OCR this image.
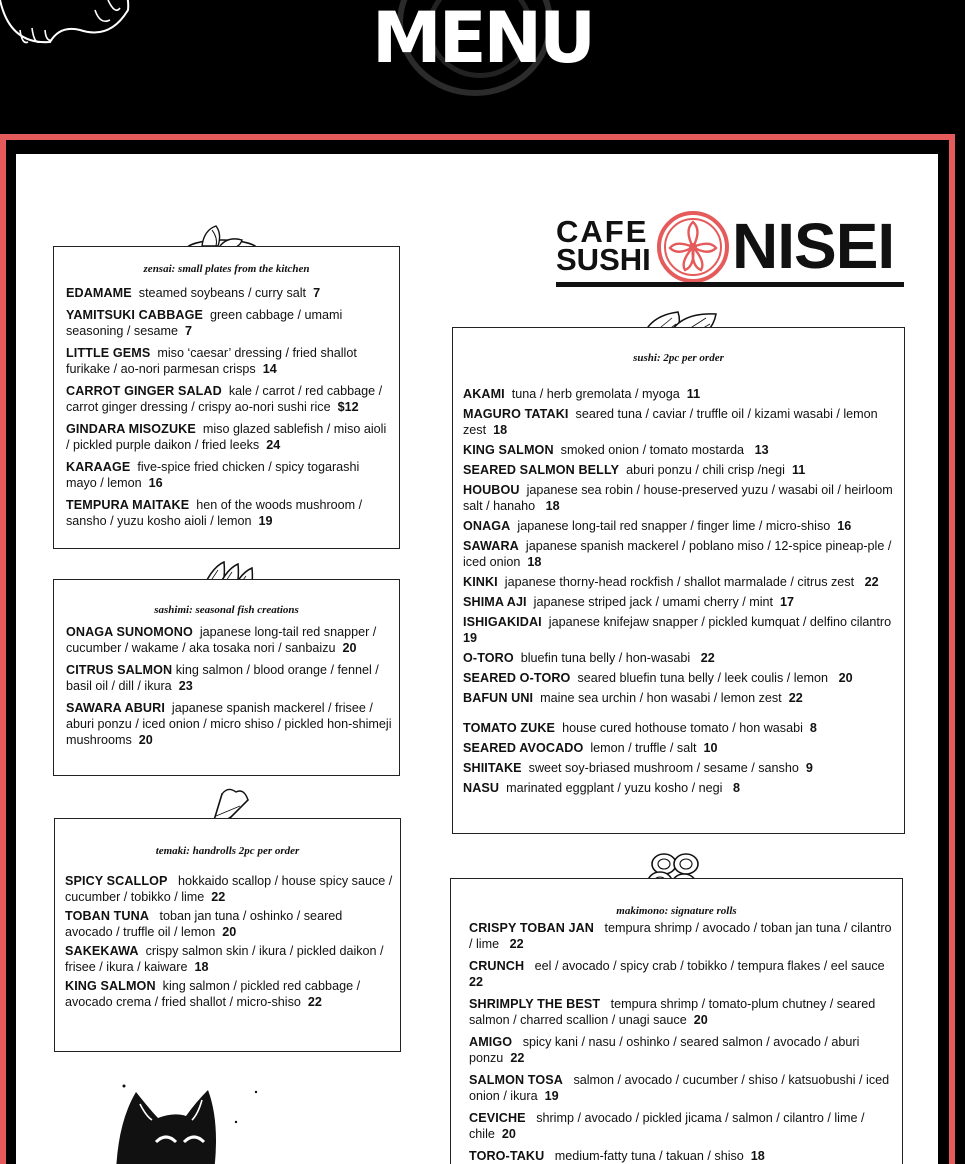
MENU
CAFE
SUSHI NISEI
zensai: small plates from the kitchen

EDAMAME steamed soybeans / curry salt 7

YAMITSUKI CABBAGE green cabbage / umami seasoning / sesame 7

LITTLE GEMS miso ‘caesar’ dressing / fried shallot furikake / ao-nori parmesan crisps 14

CARROT GINGER SALAD kale / carrot / red cabbage / carrot ginger dressing / crispy ao-nori sushi rice $12

GINDARA MISOZUKE miso glazed sablefish / miso aioli / pickled purple daikon / fried leeks 24

KARAAGE five-spice fried chicken / spicy togarashi mayo / lemon 16

TEMPURA MAITAKE hen of the woods mushroom / sansho / yuzu kosho aioli / lemon 19

sashimi: seasonal fish creations

ONAGA SUNOMONO japanese long-tail red snapper / cucumber / wakame / aka tosaka nori / sanbaizu 20

CITRUS SALMON king salmon / blood orange / fennel / basil oil / dill / ikura 23

SAWARA ABURI japanese spanish mackerel / frisee / aburi ponzu / iced onion / micro shiso / pickled hon-shimeji mushrooms 20

temaki: handrolls 2pc per order

SPICY SCALLOP hokkaido scallop / house spicy sauce / cucumber / tobikko / lime 22

TOBAN TUNA toban jan tuna / oshinko / seared avocado / truffle oil / lemon 20

SAKEKAWA crispy salmon skin / ikura / pickled daikon / frisee / ikura / kaiware 18

KING SALMON king salmon / pickled red cabbage / avocado crema / fried shallot / micro-shiso 22

sushi: 2pc per order

AKAMI tuna / herb gremolata / myoga 11

MAGURO TATAKI seared tuna / caviar / truffle oil / kizami wasabi / lemon zest 18

KING SALMON smoked onion / tomato mostarda 13

SEARED SALMON BELLY aburi ponzu / chili crisp /negi 11

HOUBOU japanese sea robin / house-preserved yuzu / wasabi oil / heirloom salt / hanaho 18

ONAGA japanese long-tail red snapper / finger lime / micro-shiso 16

SAWARA japanese spanish mackerel / poblano miso / 12-spice pineap-ple / iced onion 18

KINKI japanese thorny-head rockfish / shallot marmalade / citrus zest 22

SHIMA AJI japanese striped jack / umami cherry / mint 17

ISHIGAKIDAI japanese knifejaw snapper / pickled kumquat / delfino cilantro  19

O-TORO bluefin tuna belly / hon-wasabi 22

SEARED O-TORO seared bluefin tuna belly / leek coulis / lemon 20

BAFUN UNI maine sea urchin / hon wasabi / lemon zest 22

TOMATO ZUKE house cured hothouse tomato / hon wasabi 8

SEARED AVOCADO lemon / truffle / salt 10

SHIITAKE sweet soy-briased mushroom / sesame / sansho 9

NASU marinated eggplant / yuzu kosho / negi 8

makimono: signature rolls

CRISPY TOBAN JAN tempura shrimp / avocado / toban jan tuna / cilantro / lime 22

CRUNCH eel / avocado / spicy crab / tobikko / tempura flakes / eel sauce  22

SHRIMPLY THE BEST tempura shrimp / tomato-plum chutney / seared salmon / charred scallion / unagi sauce 20

AMIGO spicy kani / nasu / oshinko / seared salmon / avocado / aburi ponzu 22

SALMON TOSA salmon / avocado / cucumber / shiso / katsuobushi / iced onion / ikura 19

CEVICHE shrimp / avocado / pickled jicama / salmon / cilantro / lime / chile 20

TORO-TAKU medium-fatty tuna / takuan / shiso 18
